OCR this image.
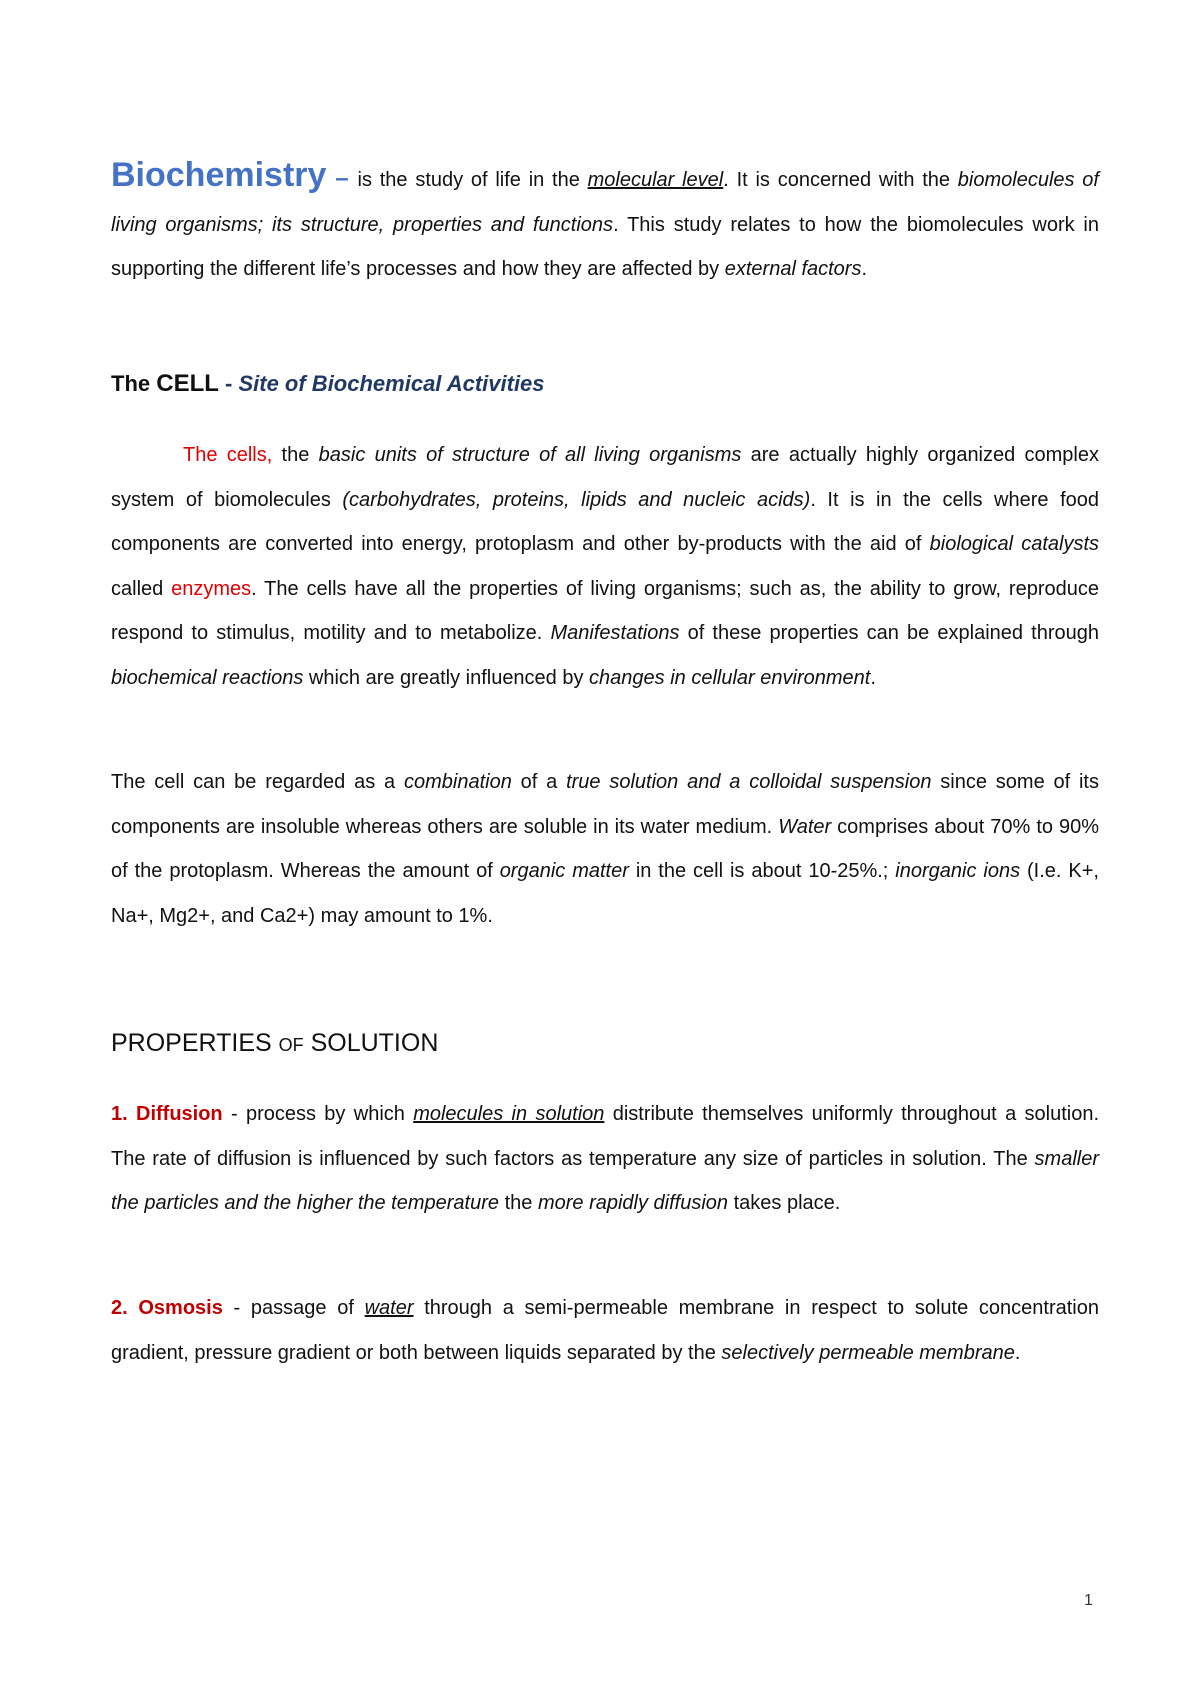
Biochemistry – is the study of life in the molecular level. It is concerned with the biomolecules of living organisms; its structure, properties and functions. This study relates to how the biomolecules work in supporting the different life’s processes and how they are affected by external factors.

The CELL - Site of Biochemical Activities

The cells, the basic units of structure of all living organisms are actually highly organized complex system of biomolecules (carbohydrates, proteins, lipids and nucleic acids). It is in the cells where food components are converted into energy, protoplasm and other by-products with the aid of biological catalysts called enzymes. The cells have all the properties of living organisms; such as, the ability to grow, reproduce respond to stimulus, motility and to metabolize. Manifestations of these properties can be explained through biochemical reactions which are greatly influenced by changes in cellular environment.

The cell can be regarded as a combination of a true solution and a colloidal suspension since some of its components are insoluble whereas others are soluble in its water medium. Water comprises about 70% to 90% of the protoplasm. Whereas the amount of organic matter in the cell is about 10-25%.; inorganic ions (I.e. K+, Na+, Mg2+, and Ca2+) may amount to 1%.

PROPERTIES OF SOLUTION

1. Diffusion - process by which molecules in solution distribute themselves uniformly throughout a solution. The rate of diffusion is influenced by such factors as temperature any size of particles in solution. The smaller the particles and the higher the temperature the more rapidly diffusion takes place.

2. Osmosis - passage of water through a semi-permeable membrane in respect to solute concentration gradient, pressure gradient or both between liquids separated by the selectively permeable membrane.

1
